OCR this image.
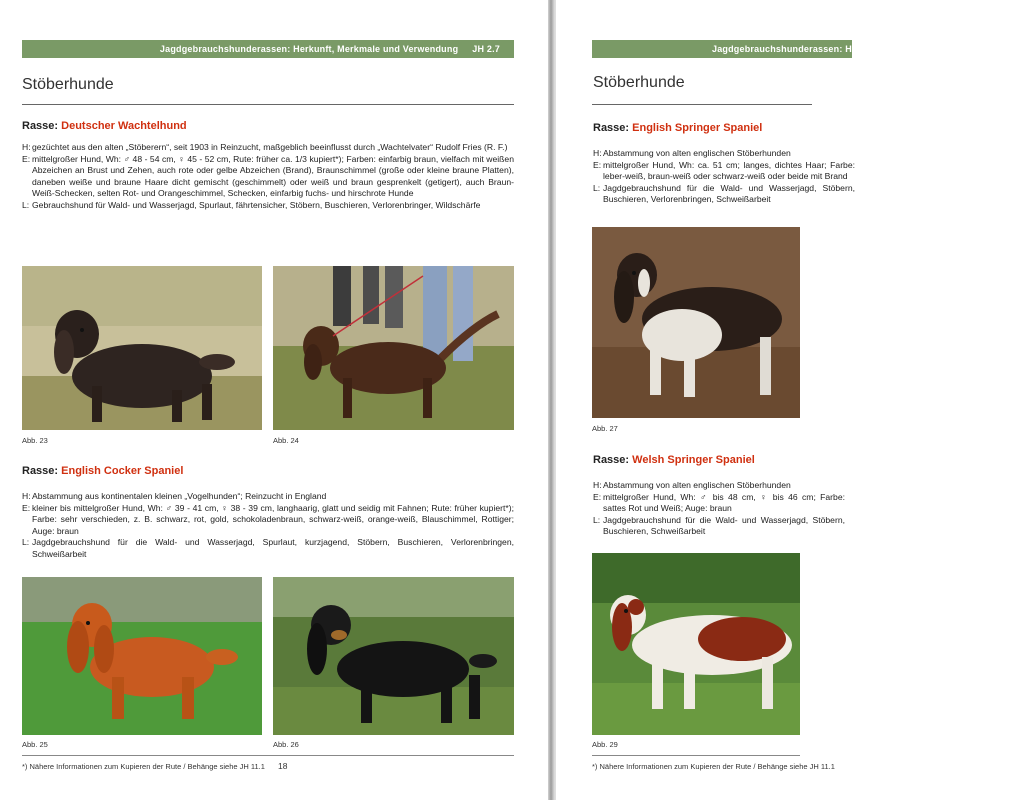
Jagdgebrauchshunderassen: Herkunft, Merkmale und Verwendung JH 2.7
Stöberhunde
Rasse: Deutscher Wachtelhund
H: gezüchtet aus den alten „Stöberern“, seit 1903 in Reinzucht, maßgeblich beeinflusst durch „Wachtelvater“ Rudolf Fries (R. F.)
E: mittelgroßer Hund, Wh: ♂ 48 - 54 cm, ♀ 45 - 52 cm, Rute: früher ca. 1/3 kupiert*); Farben: einfarbig braun, vielfach mit weißen Abzeichen an Brust und Zehen, auch rote oder gelbe Abzeichen (Brand), Braunschimmel (große oder kleine braune Platten), daneben weiße und braune Haare dicht gemischt (geschimmelt) oder weiß und braun gesprenkelt (getigert), auch Braun-Weiß-Schecken, selten Rot- und Orangeschimmel, Schecken, einfarbig fuchs- und hirschrote Hunde
L: Gebrauchshund für Wald- und Wasserjagd, Spurlaut, fährtensicher, Stöbern, Buschieren, Verlorenbringer, Wildschärfe
Abb. 23	Abb. 24
Rasse: English Cocker Spaniel
H: Abstammung aus kontinentalen kleinen „Vogelhunden“; Reinzucht in England
E: kleiner bis mittelgroßer Hund, Wh: ♂ 39 - 41 cm, ♀ 38 - 39 cm, langhaarig, glatt und seidig mit Fahnen; Rute: früher kupiert*); Farbe: sehr verschieden, z. B. schwarz, rot, gold, schokoladenbraun, schwarz-weiß, orange-weiß, Blauschimmel, Rottiger; Auge: braun
L: Jagdgebrauchshund für die Wald- und Wasserjagd, Spurlaut, kurzjagend, Stöbern, Buschieren, Verlorenbringen, Schweißarbeit
Abb. 25	Abb. 26
*) Nähere Informationen zum Kupieren der Rute / Behänge siehe JH 11.1 18
Jagdgebrauchshunderassen: Herkunft, Merkmale und Verwendung
Stöberhunde
Rasse: English Springer Spaniel
H: Abstammung von alten englischen Stöberhunden
E: mittelgroßer Hund, Wh: ca. 51 cm; langes, dichtes Haar; Farbe: leber-weiß, braun-weiß oder schwarz-weiß oder beide mit Brand
L: Jagdgebrauchshund für die Wald- und Wasserjagd, Stöbern, Buschieren, Verlorenbringen, Schweißarbeit
Abb. 27
Rasse: Welsh Springer Spaniel
H: Abstammung von alten englischen Stöberhunden
E: mittelgroßer Hund, Wh: ♂ bis 48 cm, ♀ bis 46 cm; Farbe: sattes Rot und Weiß; Auge: braun
L: Jagdgebrauchshund für die Wald- und Wasserjagd, Stöbern, Buschieren, Schweißarbeit
Abb. 29
*) Nähere Informationen zum Kupieren der Rute / Behänge siehe JH 11.1
